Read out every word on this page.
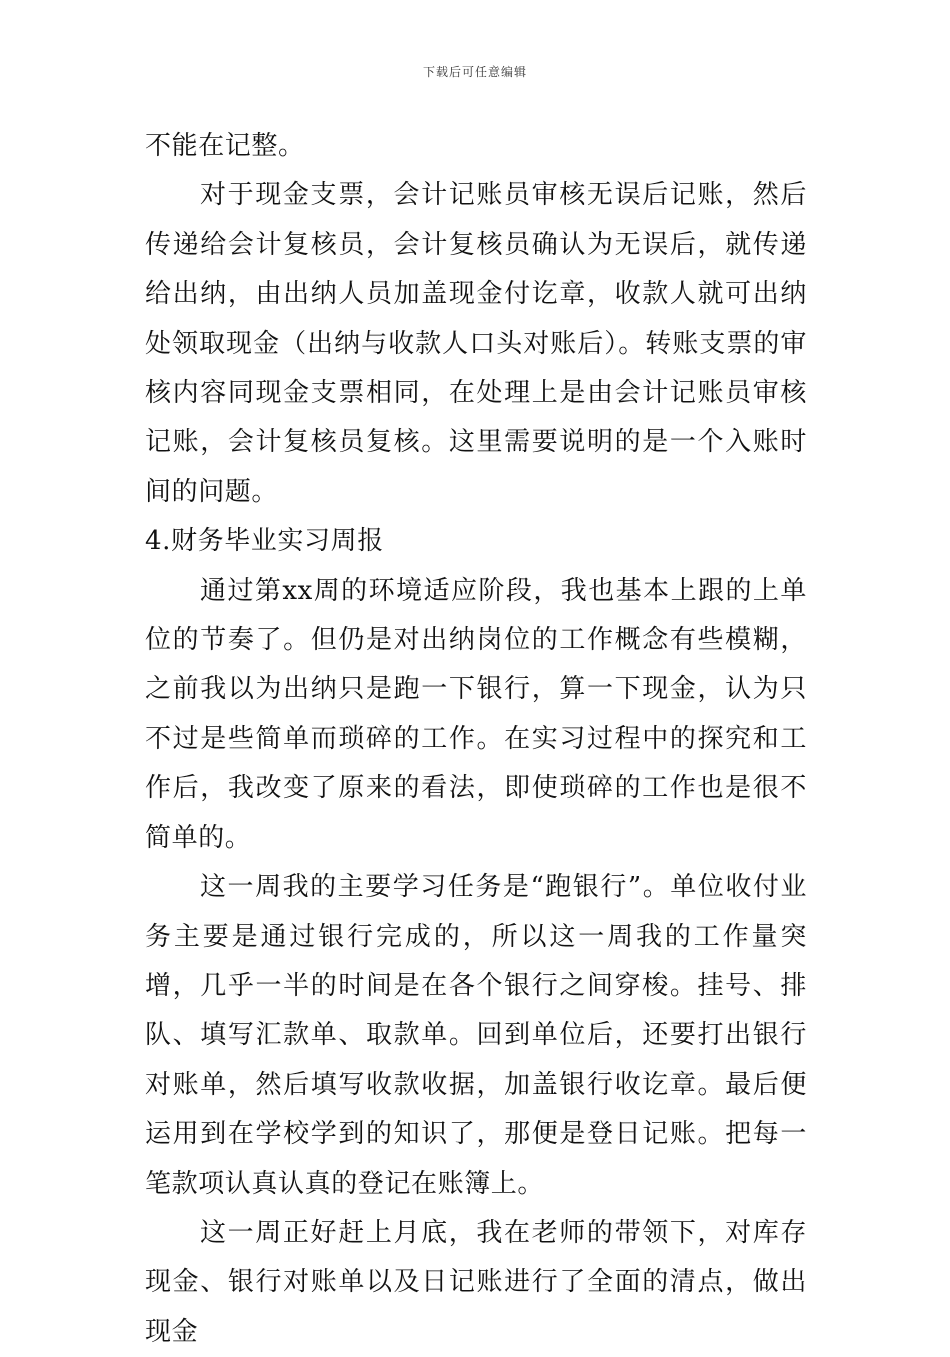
下载后可任意编辑

不能在记整。

对于现金支票，会计记账员审核无误后记账，然后传递给会计复核员，会计复核员确认为无误后，就传递给出纳，由出纳人员加盖现金付讫章，收款人就可出纳处领取现金（出纳与收款人口头对账后）。转账支票的审核内容同现金支票相同，在处理上是由会计记账员审核记账，会计复核员复核。这里需要说明的是一个入账时间的问题。

4.财务毕业实习周报

通过第xx周的环境适应阶段，我也基本上跟的上单位的节奏了。但仍是对出纳岗位的工作概念有些模糊，之前我以为出纳只是跑一下银行，算一下现金，认为只不过是些简单而琐碎的工作。在实习过程中的探究和工作后，我改变了原来的看法，即使琐碎的工作也是很不简单的。

这一周我的主要学习任务是“跑银行”。单位收付业务主要是通过银行完成的，所以这一周我的工作量突增，几乎一半的时间是在各个银行之间穿梭。挂号、排队、填写汇款单、取款单。回到单位后，还要打出银行对账单，然后填写收款收据，加盖银行收讫章。最后便运用到在学校学到的知识了，那便是登日记账。把每一笔款项认真认真的登记在账簿上。

这一周正好赶上月底，我在老师的带领下，对库存现金、银行对账单以及日记账进行了全面的清点，做出现金
